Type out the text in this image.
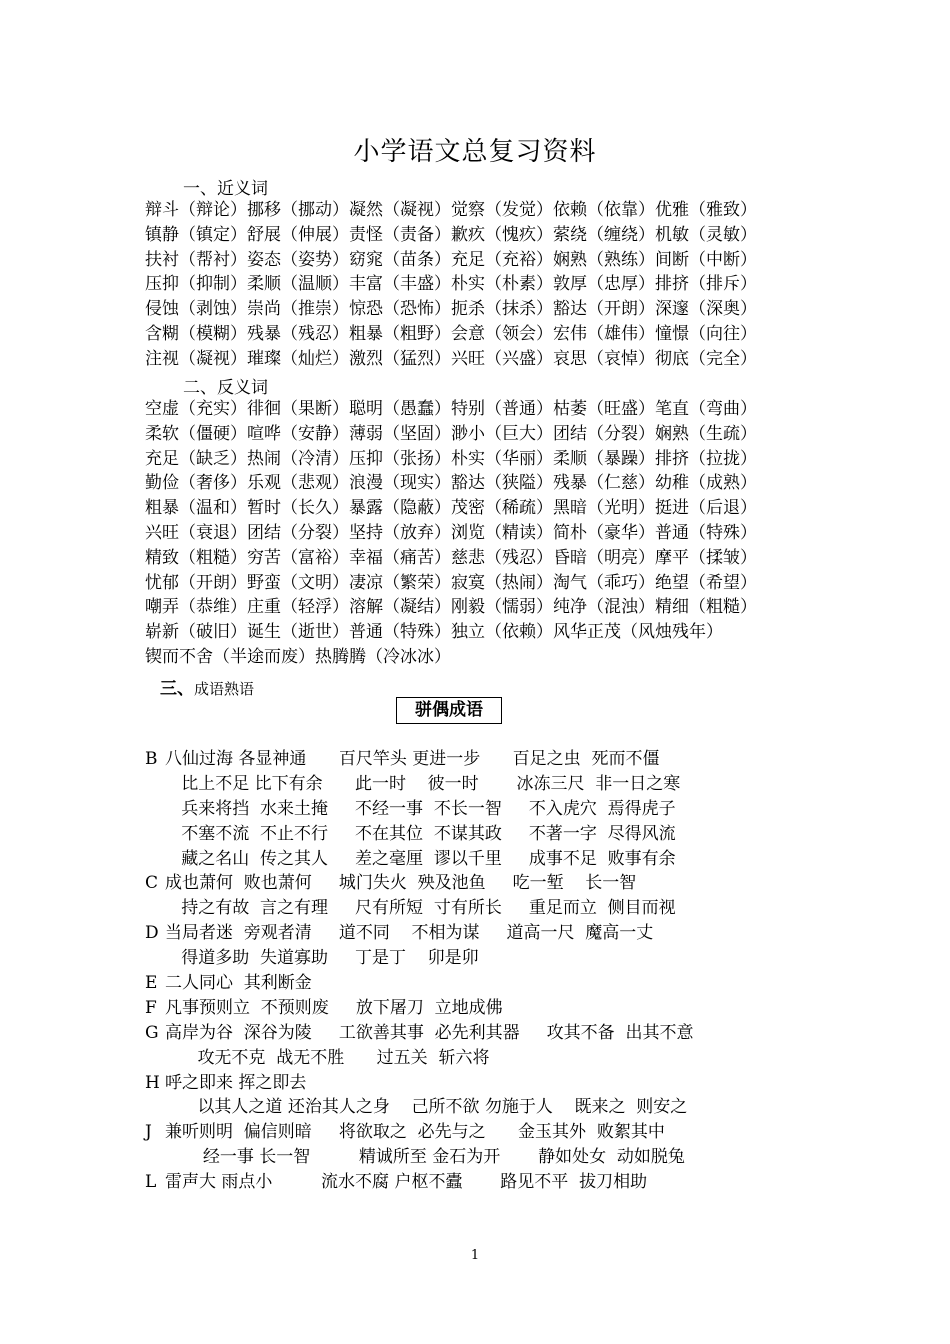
小学语文总复习资料
一、近义词
辩斗（辩论）挪移（挪动）凝然（凝视）觉察（发觉）依赖（依靠）优雅（雅致）
镇静（镇定）舒展（伸展）责怪（责备）歉疚（愧疚）萦绕（缠绕）机敏（灵敏）
扶衬（帮衬）姿态（姿势）窈窕（苗条）充足（充裕）娴熟（熟练）间断（中断）
压抑（抑制）柔顺（温顺）丰富（丰盛）朴实（朴素）敦厚（忠厚）排挤（排斥）
侵蚀（剥蚀）崇尚（推崇）惊恐（恐怖）扼杀（抹杀）豁达（开朗）深邃（深奥）
含糊（模糊）残暴（残忍）粗暴（粗野）会意（领会）宏伟（雄伟）憧憬（向往）
注视（凝视）璀璨（灿烂）激烈（猛烈）兴旺（兴盛）哀思（哀悼）彻底（完全）
二、反义词
空虚（充实）徘徊（果断）聪明（愚蠢）特别（普通）枯萎（旺盛）笔直（弯曲）
柔软（僵硬）喧哗（安静）薄弱（坚固）渺小（巨大）团结（分裂）娴熟（生疏）
充足（缺乏）热闹（冷清）压抑（张扬）朴实（华丽）柔顺（暴躁）排挤（拉拢）
勤俭（奢侈）乐观（悲观）浪漫（现实）豁达（狭隘）残暴（仁慈）幼稚（成熟）
粗暴（温和）暂时（长久）暴露（隐蔽）茂密（稀疏）黑暗（光明）挺进（后退）
兴旺（衰退）团结（分裂）坚持（放弃）浏览（精读）简朴（豪华）普通（特殊）
精致（粗糙）穷苦（富裕）幸福（痛苦）慈悲（残忍）昏暗（明亮）摩平（揉皱）
忧郁（开朗）野蛮（文明）凄凉（繁荣）寂寞（热闹）淘气（乖巧）绝望（希望）
嘲弄（恭维）庄重（轻浮）溶解（凝结）刚毅（懦弱）纯净（混浊）精细（粗糙）
崭新（破旧）诞生（逝世）普通（特殊）独立（依赖）风华正茂（风烛残年）
锲而不舍（半途而废）热腾腾（冷冰冰）
三、成语熟语
骈偶成语
B 八仙过海 各显神通      百尺竿头 更进一步      百足之虫  死而不僵
比上不足 比下有余      此一时    彼一时       冰冻三尺  非一日之寒
兵来将挡  水来土掩     不经一事  不长一智     不入虎穴  焉得虎子
不塞不流  不止不行     不在其位  不谋其政     不著一字  尽得风流
藏之名山  传之其人     差之毫厘  谬以千里     成事不足  败事有余
C 成也萧何  败也萧何     城门失火  殃及池鱼     吃一堑    长一智
持之有故  言之有理     尺有所短  寸有所长     重足而立  侧目而视
D 当局者迷  旁观者清     道不同    不相为谋     道高一尺  魔高一丈
得道多助  失道寡助     丁是丁    卯是卯
E 二人同心  其利断金
F 凡事预则立  不预则废     放下屠刀  立地成佛
G 高岸为谷  深谷为陵     工欲善其事  必先利其器     攻其不备  出其不意
攻无不克  战无不胜      过五关  斩六将
H 呼之即来 挥之即去
以其人之道 还治其人之身    己所不欲 勿施于人    既来之  则安之
J 兼听则明  偏信则暗     将欲取之  必先与之      金玉其外  败絮其中
经一事 长一智         精诚所至 金石为开       静如处女  动如脱兔
L 雷声大 雨点小         流水不腐 户枢不蠹       路见不平  拔刀相助
1
